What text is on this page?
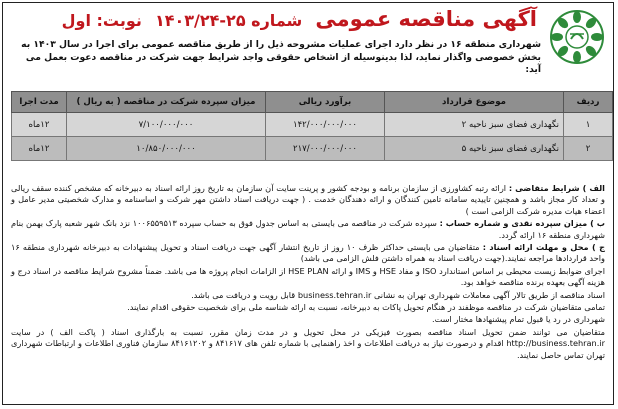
آگهی مناقصه عمومی شماره ۲۵-۱۴۰۳/۲۴ نوبت: اول
شهرداری منطقه ۱۶ در نظر دارد اجرای عملیات مشروحه ذیل را از طریق مناقصه عمومی برای اجرا در سال ۱۴۰۳ به بخش خصوصی واگذار نماید، لذا بدینوسیله از اشخاص حقوقی واجد شرایط جهت شرکت در مناقصه دعوت بعمل می آید:
ردیف	موضوع قرارداد	برآورد ریالی	میزان سپرده شرکت در مناقصه ( به ریال )	مدت اجرا
۱	نگهداری فضای سبز ناحیه ۲	۱۴۲/۰۰۰/۰۰۰/۰۰۰	۷/۱۰۰/۰۰۰/۰۰۰	۱۲ماه
۲	نگهداری فضای سبز ناحیه ۵	۲۱۷/۰۰۰/۰۰۰/۰۰۰	۱۰/۸۵۰/۰۰۰/۰۰۰	۱۲ماه

الف ) شرایط متقاضی : ارائه رتبه کشاورزی از سازمان برنامه و بودجه کشور و پرینت سایت آن سازمان به تاریخ روز ارائه اسناد به دبیرخانه که مشخص کننده سقف ریالی و تعداد کار مجاز باشد و همچنین تاییدیه سامانه تامین کنندگان و ارائه دهندگان خدمت . ( جهت دریافت اسناد داشتن مهر شرکت و اساسنامه و مدارک شخصیتی مدیر عامل و اعضاء هیات مدیره شرکت الزامی است )

ب ) میزان سپرده نقدی و شماره حساب : سپرده شرکت در مناقصه می بایستی به اساس جدول فوق به حساب سپرده ۱۰۰۶۵۵۹۵۱۳ نزد بانک شهر شعبه پارک بهمن بنام شهرداری منطقه ۱۶ ارائه گردد.

ج ) محل و مهلت ارائه اسناد : متقاضیان می بایستی حداکثر ظرف ۱۰ روز از تاریخ انتشار آگهی جهت دریافت اسناد و تحویل پیشنهادات به دبیرخانه شهرداری منطقه ۱۶ واحد قراردادها مراجعه نمایند.(جهت دریافت اسناد به همراه داشتن فلش الزامی می باشد)

اجرای ضوابط زیست محیطی بر اساس استاندارد ISO و مفاد HSE و IMS و ارائه HSE PLAN از الزامات انجام پروژه ها می باشد. ضمناً مشروح شرایط مناقصه در اسناد درج و هزینه آگهی بعهده برنده مناقصه خواهد بود.

اسناد مناقصه از طریق تالار آگهی معاملات شهرداری تهران به نشانی business.tehran.ir قابل رویت و دریافت می باشد.

تمامی متقاضیان شرکت در مناقصه موظفند در هنگام تحویل پاکات به دبیرخانه، نسبت به ارائه شناسه ملی برای شخصیت حقوقی اقدام نمایند.

شهرداری در رد یا قبول تمام پیشنهادها مختار است.

متقاضیان می توانند ضمن تحویل اسناد مناقصه بصورت فیزیکی در محل تحویل و در مدت زمان مقرر، نسبت به بارگذاری اسناد ( پاکت الف ) در سایت http://business.tehran.ir اقدام و درصورت نیاز به دریافت اطلاعات و اخذ راهنمایی با شماره تلفن های ۸۴۱۶۱۷ و ۸۴۱۶۱۲۰۲ سازمان فناوری اطلاعات و ارتباطات شهرداری تهران تماس حاصل نمایند.
